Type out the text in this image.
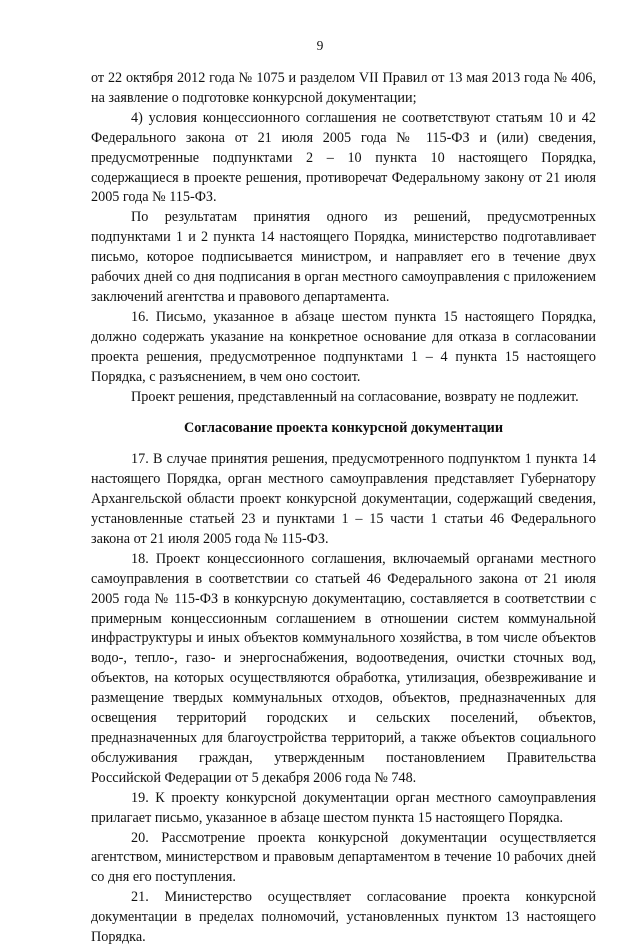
9

от 22 октября 2012 года № 1075 и разделом VII Правил от 13 мая 2013 года № 406, на заявление о подготовке конкурсной документации;

4) условия концессионного соглашения не соответствуют статьям 10 и 42 Федерального закона от 21 июля 2005 года № 115-ФЗ и (или) сведения, предусмотренные подпунктами 2 – 10 пункта 10 настоящего Порядка, содержащиеся в проекте решения, противоречат Федеральному закону от 21 июля 2005 года № 115-ФЗ.

По результатам принятия одного из решений, предусмотренных подпунктами 1 и 2 пункта 14 настоящего Порядка, министерство подготавливает письмо, которое подписывается министром, и направляет его в течение двух рабочих дней со дня подписания в орган местного самоуправления с приложением заключений агентства и правового департамента.

16. Письмо, указанное в абзаце шестом пункта 15 настоящего Порядка, должно содержать указание на конкретное основание для отказа в согласовании проекта решения, предусмотренное подпунктами 1 – 4 пункта 15 настоящего Порядка, с разъяснением, в чем оно состоит.

Проект решения, представленный на согласование, возврату не подлежит.

Согласование проекта конкурсной документации

17. В случае принятия решения, предусмотренного подпунктом 1 пункта 14 настоящего Порядка, орган местного самоуправления представляет Губернатору Архангельской области проект конкурсной документации, содержащий сведения, установленные статьей 23 и пунктами 1 – 15 части 1 статьи 46 Федерального закона от 21 июля 2005 года № 115-ФЗ.

18. Проект концессионного соглашения, включаемый органами местного самоуправления в соответствии со статьей 46 Федерального закона от 21 июля 2005 года № 115-ФЗ в конкурсную документацию, составляется в соответствии с примерным концессионным соглашением в отношении систем коммунальной инфраструктуры и иных объектов коммунального хозяйства, в том числе объектов водо-, тепло-, газо- и энергоснабжения, водоотведения, очистки сточных вод, объектов, на которых осуществляются обработка, утилизация, обезвреживание и размещение твердых коммунальных отходов, объектов, предназначенных для освещения территорий городских и сельских поселений, объектов, предназначенных для благоустройства территорий, а также объектов социального обслуживания граждан, утвержденным постановлением Правительства Российской Федерации от 5 декабря 2006 года № 748.

19. К проекту конкурсной документации орган местного самоуправления прилагает письмо, указанное в абзаце шестом пункта 15 настоящего Порядка.

20. Рассмотрение проекта конкурсной документации осуществляется агентством, министерством и правовым департаментом в течение 10 рабочих дней со дня его поступления.

21. Министерство осуществляет согласование проекта конкурсной документации в пределах полномочий, установленных пунктом 13 настоящего Порядка.
